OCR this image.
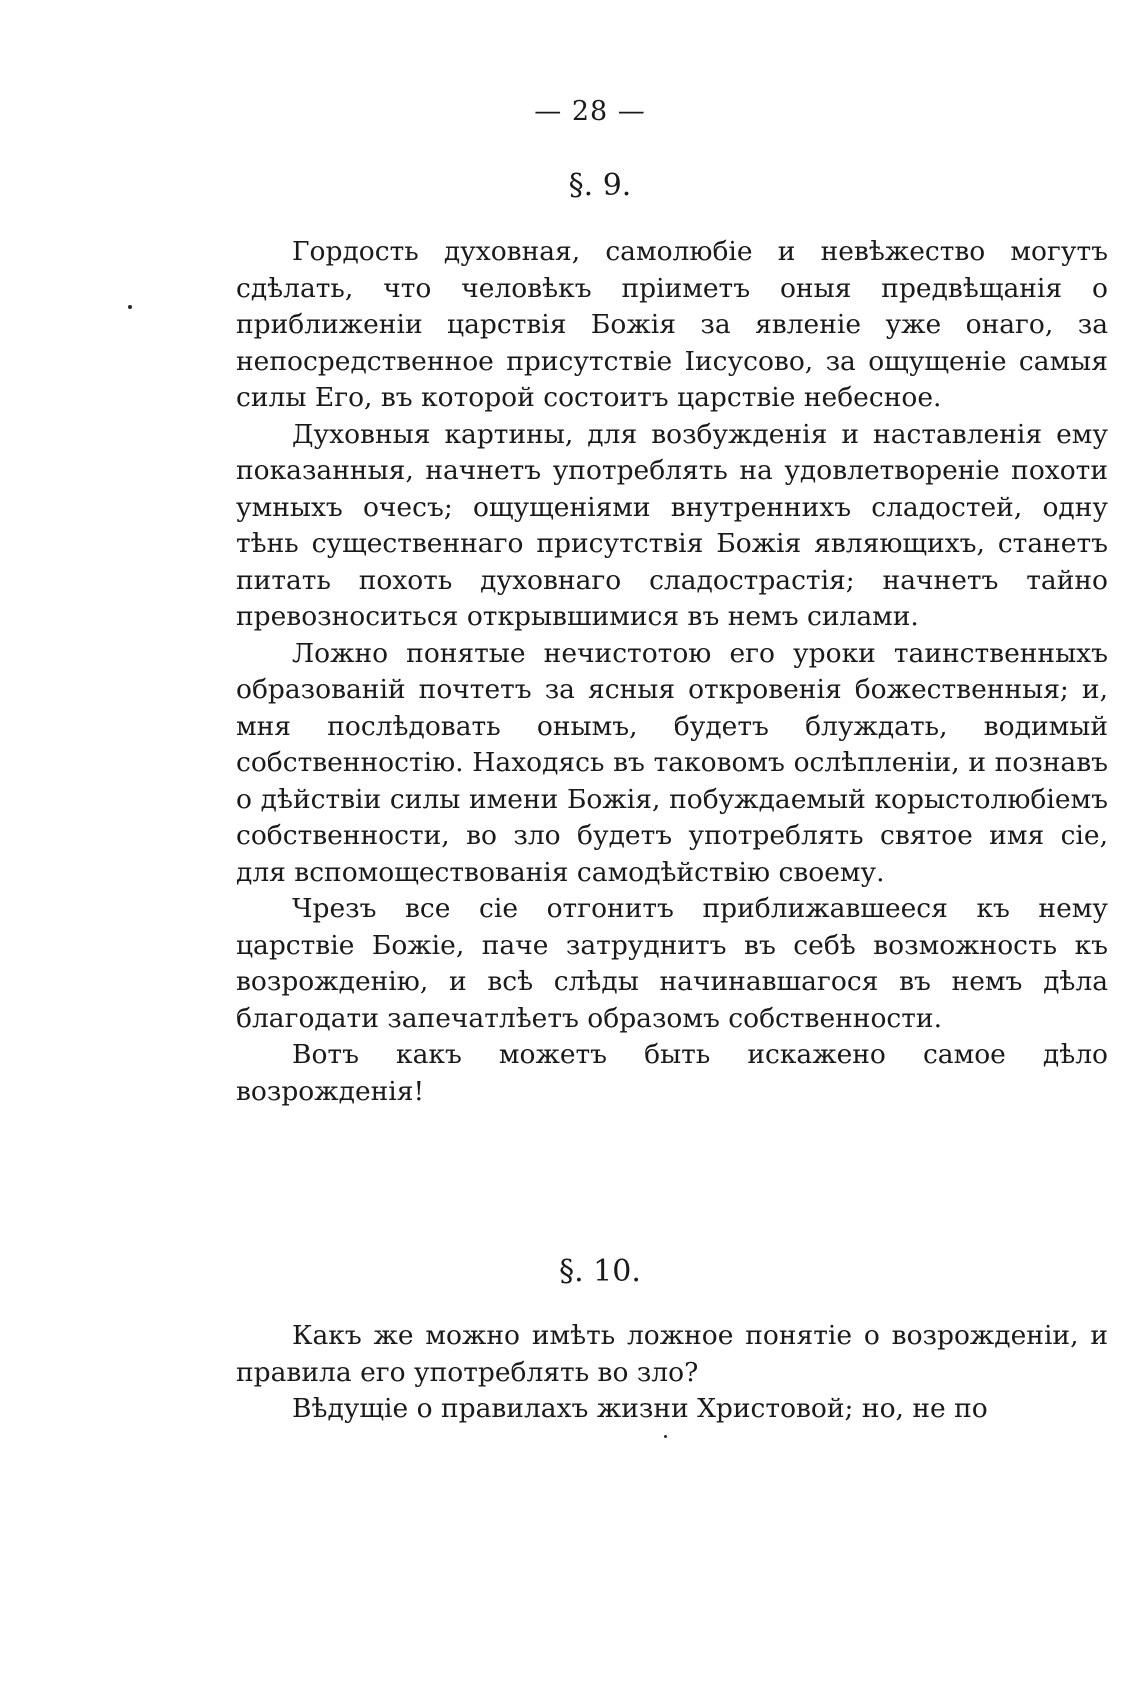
— 28 —
§. 9.

Гордость духовная, самолюбіе и невѣжество могутъ сдѣлать, что человѣкъ пріиметъ оныя предвѣщанія о приближеніи царствія Божія за явленіе уже онаго, за непосредственное присутствіе Іисусово, за ощущеніе самыя силы Его, въ которой состоитъ царствіе небесное.

Духовныя картины, для возбужденія и наставленія ему показанныя, начнетъ употреблять на удовлетвореніе похоти умныхъ очесъ; ощущеніями внутреннихъ сладостей, одну тѣнь существеннаго присутствія Божія являющихъ, станетъ питать похоть духовнаго сладострастія; начнетъ тайно превозноситься открывшимися въ немъ силами.

Ложно понятые нечистотою его уроки таинственныхъ образованій почтетъ за ясныя откровенія божественныя; и, мня послѣдовать онымъ, будетъ блуждать, водимый собственностію. Находясь въ таковомъ ослѣпленіи, и познавъ о дѣйствіи силы имени Божія, побуждаемый корыстолюбіемъ собственности, во зло будетъ употреблять святое имя сіе, для вспомоществованія самодѣйствію своему.

Чрезъ все сіе отгонитъ приближавшееся къ нему царствіе Божіе, паче затруднитъ въ себѣ возможность къ возрожденію, и всѣ слѣды начинавшагося въ немъ дѣла благодати запечатлѣетъ образомъ собственности.

Вотъ какъ можетъ быть искажено самое дѣло возрожденія!

§. 10.

Какъ же можно имѣть ложное понятіе о возрожденіи, и правила его употреблять во зло?

Вѣдущіе о правилахъ жизни Христовой; но, не по
